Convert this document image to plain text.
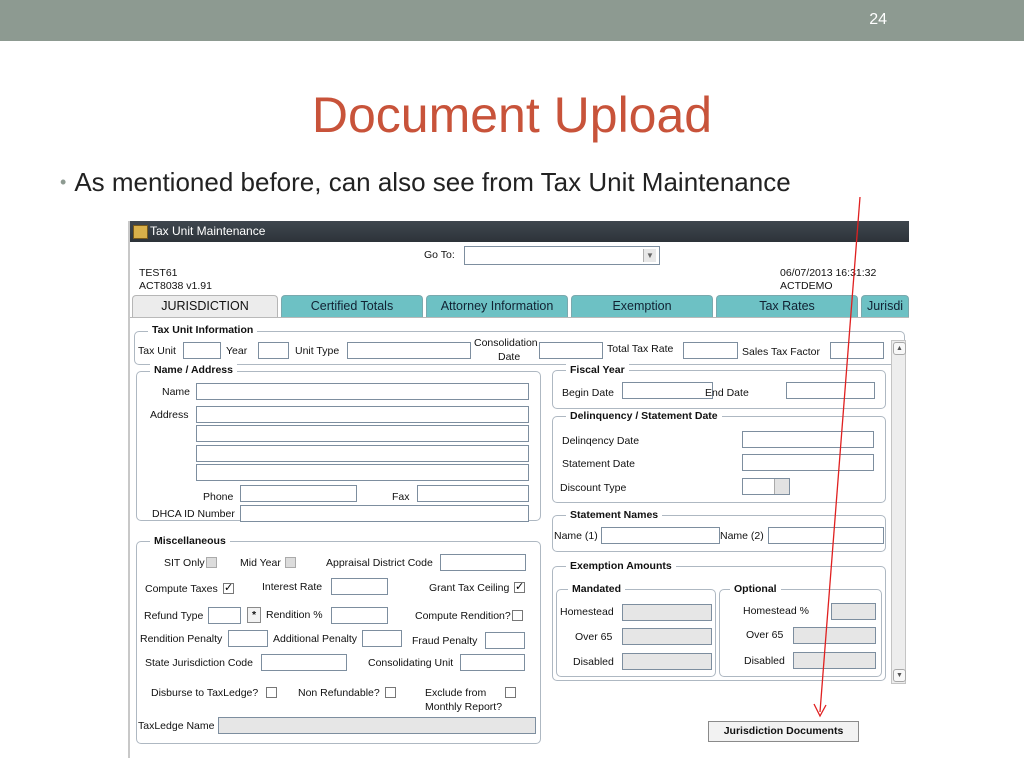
24
Document Upload
• As mentioned before, can also see from Tax Unit Maintenance
Tax Unit Maintenance
Go To:	▼
TEST61
ACT8038 v1.91
06/07/2013 16:31:32
ACTDEMO
JURISDICTION	Certified Totals	Attorney Information	Exemption	Tax Rates	Jurisdi
Tax Unit Information
Tax Unit	Year	Unit Type
Consolidation
Date
Total Tax Rate	Sales Tax Factor
Name / Address
Name
Address
Phone	Fax
DHCA ID Number
Fiscal Year
Begin Date	End Date
Delinquency / Statement Date
Delinqency Date
Statement Date
Discount Type
Statement Names
Name (1)	Name (2)
Miscellaneous
SIT Only	Mid Year	Appraisal District Code
Compute Taxes ✓	Interest Rate	Grant Tax Ceiling ✓
Refund Type	* Rendition %	Compute Rendition?
Rendition Penalty	Additional Penalty	Fraud Penalty
State Jurisdiction Code	Consolidating Unit
Disburse to TaxLedge?	Non Refundable?	Exclude from
Monthly Report?
TaxLedge Name
Exemption Amounts
Mandated
Homestead
Over 65
Disabled
Optional
Homestead %
Over 65
Disabled
Jurisdiction Documents
▲
▼
